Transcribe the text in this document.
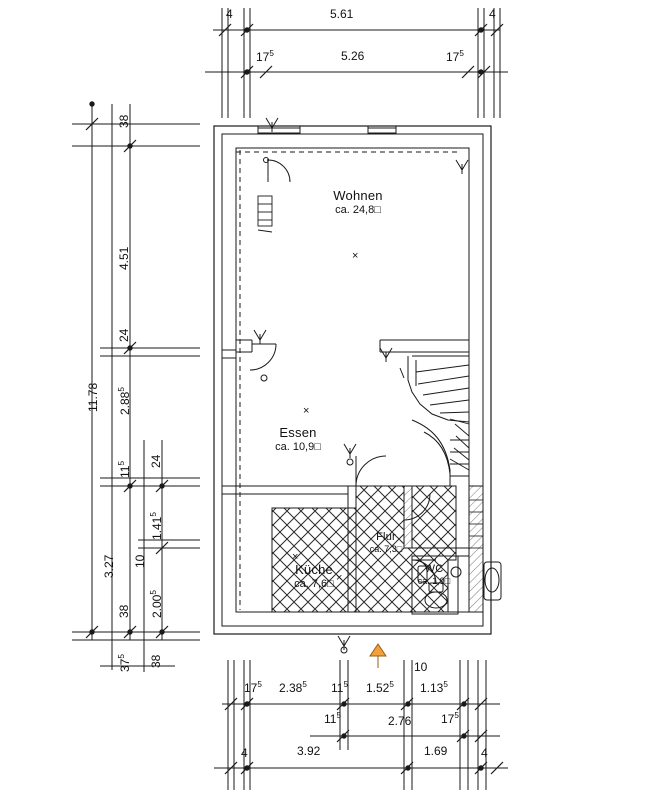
Wohnen
ca. 24,8□
Essen
ca. 10,9□
Küche
ca. 7,6□
Flur
ca. 7,3□
WC
ca. 1,9□
×
×
×
×
4	5.61	4
$17^5$	5.26	$17^5$
38
4.51
24
11.78 2.88$^5$
$11^5$	24
1.41$^5$
3.27 10
2.00$^5$
38
$37^5$	38
$17^5$ 2.38$^5$ $11^5$ 1.52$^5$ 1.13$^5$
$11^5$	2.76 $17^5$
4	3.92	1.69	4
10
